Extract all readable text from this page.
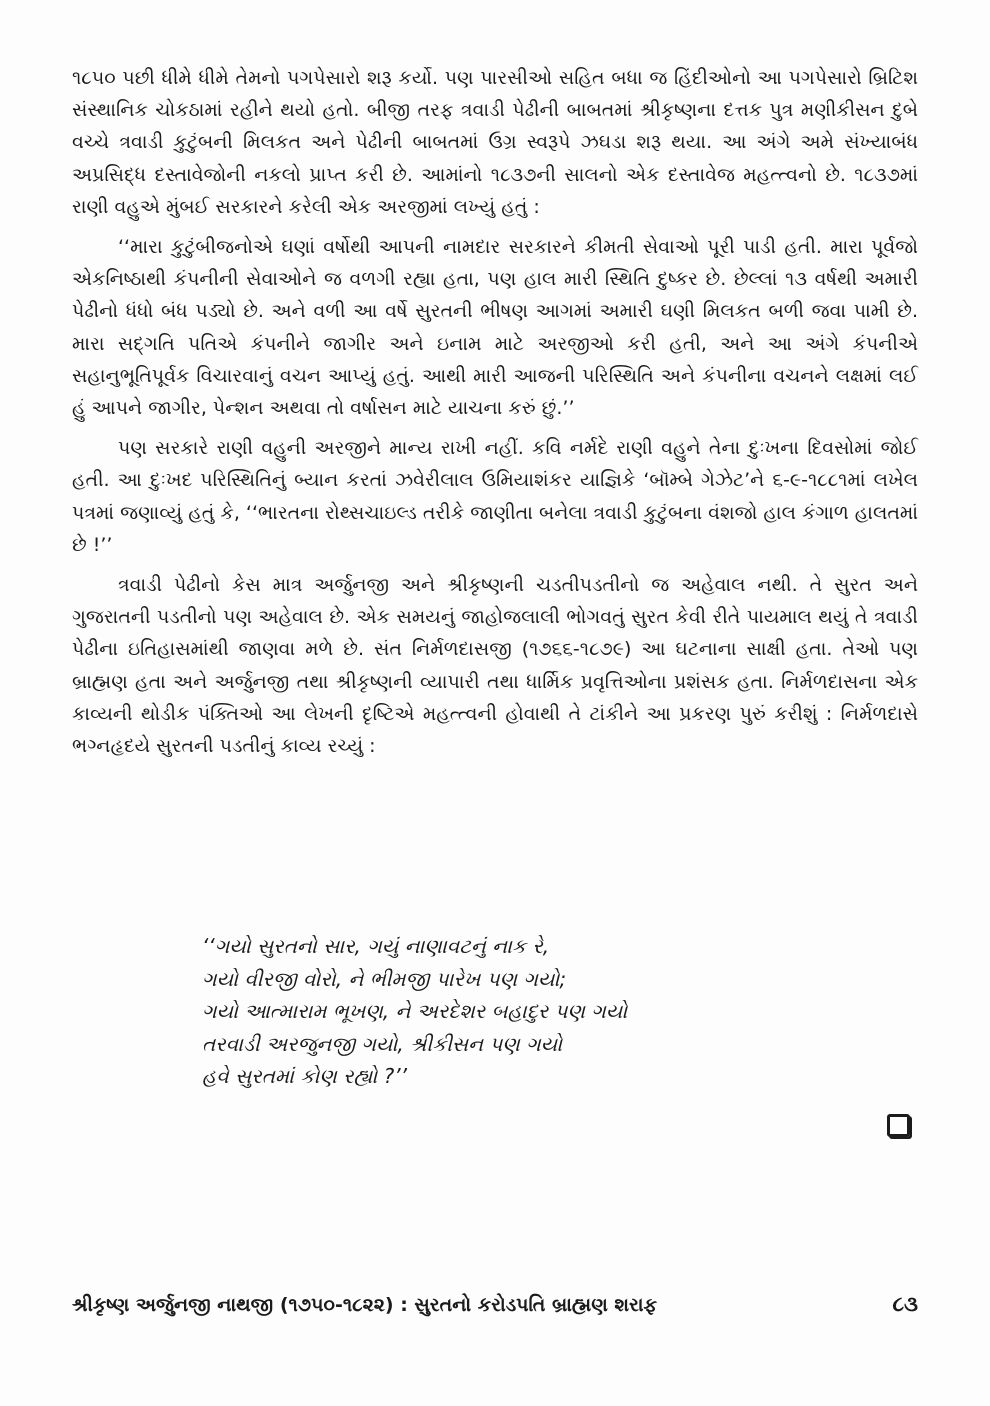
૧૮૫૦ પછી ધીમે ધીમે તેમનો પગપેસારો શરૂ કર્યો. પણ પારસીઓ સહિત બધા જ હિંદીઓનો આ પગપેસારો બ્રિટિશ સંસ્થાનિક ચોકઠામાં રહીને થયો હતો. બીજી તરફ ત્રવાડી પેઢીની બાબતમાં શ્રીકૃષ્ણના દત્તક પુત્ર મણીકીસન દુબે વચ્ચે ત્રવાડી કુટુંબની મિલકત અને પેઢીની બાબતમાં ઉગ્ર સ્વરૂપે ઝઘડા શરૂ થયા. આ અંગે અમે સંખ્યાબંધ અપ્રસિદ્ધ દસ્તાવેજોની નકલો પ્રાપ્ત કરી છે. આમાંનો ૧૮૩૭ની સાલનો એક દસ્તાવેજ મહત્ત્વનો છે. ૧૮૩૭માં રાણી વહુએ મુંબઈ સરકારને કરેલી એક અરજીમાં લખ્યું હતું :

‘‘મારા કુટુંબીજનોએ ઘણાં વર્ષોથી આપની નામદાર સરકારને કીમતી સેવાઓ પૂરી પાડી હતી. મારા પૂર્વજો એકનિષ્ઠાથી કંપનીની સેવાઓને જ વળગી રહ્યા હતા, પણ હાલ મારી સ્થિતિ દુષ્કર છે. છેલ્લાં ૧૩ વર્ષથી અમારી પેઢીનો ધંધો બંધ પડ્યો છે. અને વળી આ વર્ષે સુરતની ભીષણ આગમાં અમારી ઘણી મિલકત બળી જવા પામી છે. મારા સદ્‌ગતિ પતિએ કંપનીને જાગીર અને ઇનામ માટે અરજીઓ કરી હતી, અને આ અંગે કંપનીએ સહાનુભૂતિપૂર્વક વિચારવાનું વચન આપ્યું હતું. આથી મારી આજની પરિસ્થિતિ અને કંપનીના વચનને લક્ષમાં લઈ હું આપને જાગીર, પેન્શન અથવા તો વર્ષાસન માટે યાચના કરું છું.’’

પણ સરકારે રાણી વહુની અરજીને માન્ય રાખી નહીં. કવિ નર્મદે રાણી વહુને તેના દુઃખના દિવસોમાં જોઈ હતી. આ દુઃખદ પરિસ્થિતિનું બ્યાન કરતાં ઝવેરીલાલ ઉમિયાશંકર યાજ્ઞિકે ‘બૉમ્બે ગેઝેટ’ને ૬-૯-૧૮૮૧માં લખેલ પત્રમાં જણાવ્યું હતું કે, ‘‘ભારતના રોથ્સચાઇલ્ડ તરીકે જાણીતા બનેલા ત્રવાડી કુટુંબના વંશજો હાલ કંગાળ હાલતમાં છે !’’

ત્રવાડી પેઢીનો કેસ માત્ર અર્જુનજી અને શ્રીકૃષ્ણની ચડતીપડતીનો જ અહેવાલ નથી. તે સુરત અને ગુજરાતની પડતીનો પણ અહેવાલ છે. એક સમયનું જાહોજલાલી ભોગવતું સુરત કેવી રીતે પાયમાલ થયું તે ત્રવાડી પેઢીના ઇતિહાસમાંથી જાણવા મળે છે. સંત નિર્મળદાસજી (૧૭૬૬-૧૮૭૯) આ ઘટનાના સાક્ષી હતા. તેઓ પણ બ્રાહ્મણ હતા અને અર્જુનજી તથા શ્રીકૃષ્ણની વ્યાપારી તથા ધાર્મિક પ્રવૃત્તિઓના પ્રશંસક હતા. નિર્મળદાસના એક કાવ્યની થોડીક પંક્તિઓ આ લેખની દૃષ્ટિએ મહત્ત્વની હોવાથી તે ટાંકીને આ પ્રકરણ પુરું કરીશું : નિર્મળદાસે ભગ્નહૃદયે સુરતની પડતીનું કાવ્ય રચ્યું :

‘‘ગયો સુરતનો સાર, ગયું નાણાવટનું નાક રે,
ગયો વીરજી વોરો, ને ભીમજી પારેખ પણ ગયો;
ગયો આત્મારામ ભૂખણ, ને અરદેશર બહાદુર પણ ગયો
તરવાડી અરજુનજી ગયો, શ્રીકીસન પણ ગયો
હવે સુરતમાં કોણ રહ્યો ?’’
શ્રીકૃષ્ણ અર્જુનજી નાથજી (૧૭૫૦-૧૮૨૨) : સુરતનો કરોડપતિ બ્રાહ્મણ શરાફ	૮૩
